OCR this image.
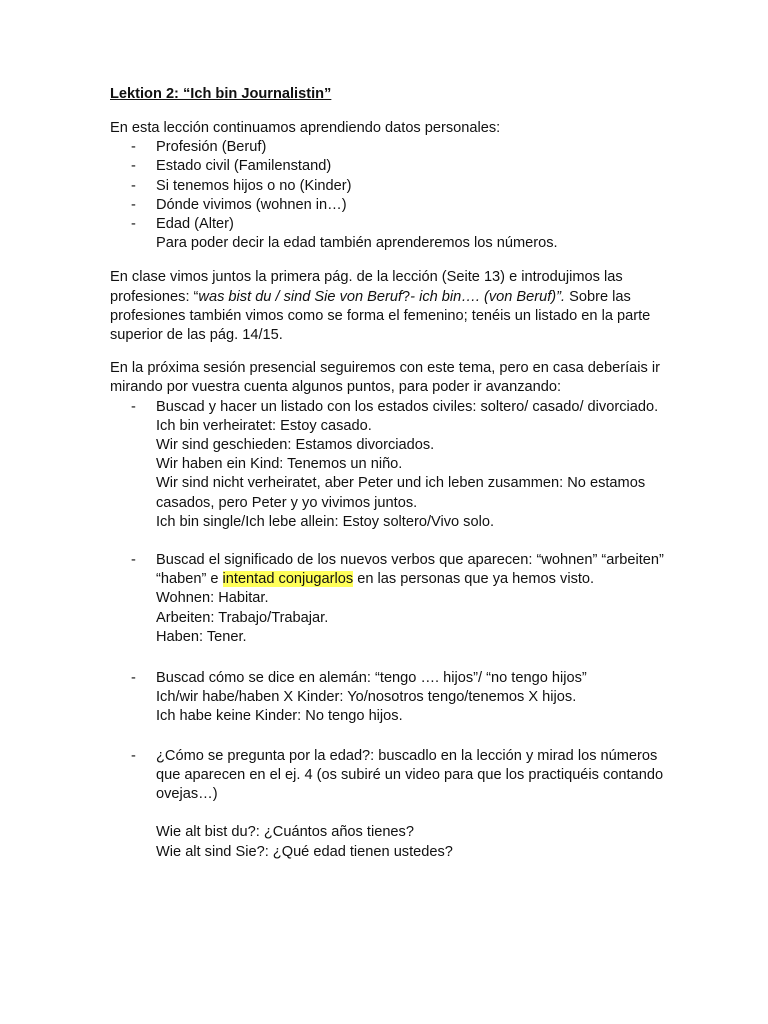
Lektion 2: “Ich bin Journalistin”

En esta lección continuamos aprendiendo datos personales:

- Profesión (Beruf)
- Estado civil (Familenstand)
- Si tenemos hijos o no (Kinder)
- Dónde vivimos (wohnen in…)
- Edad (Alter)
Para poder decir la edad también aprenderemos los números.

En clase vimos juntos la primera pág. de la lección (Seite 13) e introdujimos las profesiones: “was bist du / sind Sie von Beruf?- ich bin…. (von Beruf)”. Sobre las profesiones también vimos como se forma el femenino; tenéis un listado en la parte superior de las pág. 14/15.

En la próxima sesión presencial seguiremos con este tema, pero en casa deberíais ir mirando por vuestra cuenta algunos puntos, para poder ir avanzando:

- Buscad y hacer un listado con los estados civiles: soltero/ casado/ divorciado.
Ich bin verheiratet: Estoy casado.
Wir sind geschieden: Estamos divorciados.
Wir haben ein Kind: Tenemos un niño.
Wir sind nicht verheiratet, aber Peter und ich leben zusammen: No estamos casados, pero Peter y yo vivimos juntos.
Ich bin single/Ich lebe allein: Estoy soltero/Vivo solo.
- Buscad el significado de los nuevos verbos que aparecen: “wohnen” “arbeiten” “haben” e intentad conjugarlos en las personas que ya hemos visto.
Wohnen: Habitar.
Arbeiten: Trabajo/Trabajar.
Haben: Tener.
- Buscad cómo se dice en alemán: “tengo …. hijos”/ “no tengo hijos”
Ich/wir habe/haben X Kinder: Yo/nosotros tengo/tenemos X hijos.
Ich habe keine Kinder: No tengo hijos.
- ¿Cómo se pregunta por la edad?: buscadlo en la lección y mirad los números que aparecen en el ej. 4 (os subiré un video para que los practiquéis contando ovejas…)
Wie alt bist du?: ¿Cuántos años tienes?
Wie alt sind Sie?: ¿Qué edad tienen ustedes?
